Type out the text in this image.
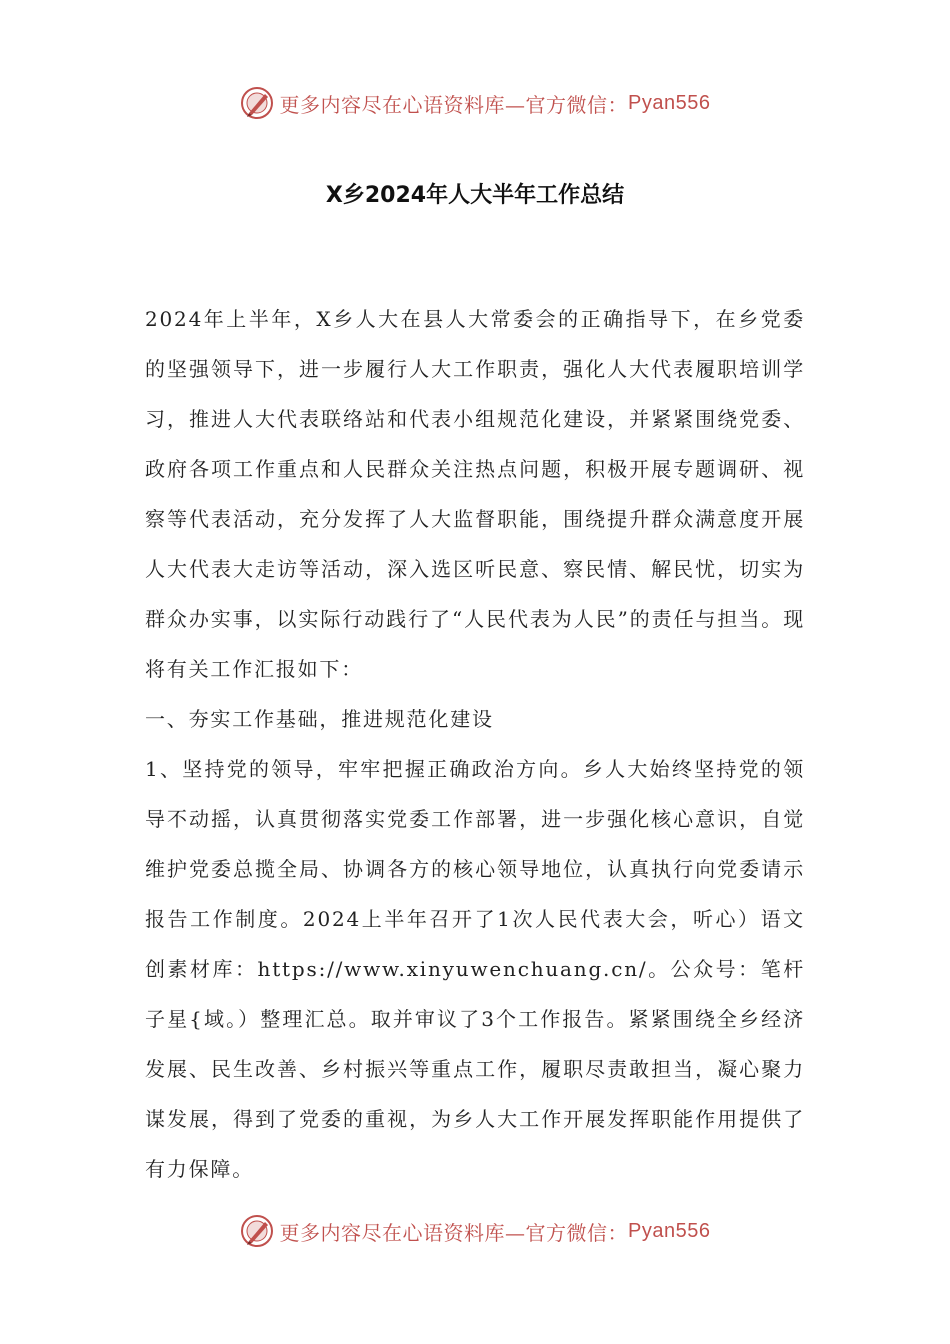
更多内容尽在心语资料库—官方微信： Pyan556
X乡2024年人大半年工作总结

2024年上半年，X乡人大在县人大常委会的正确指导下，在乡党委的坚强领导下，进一步履行人大工作职责，强化人大代表履职培训学习，推进人大代表联络站和代表小组规范化建设，并紧紧围绕党委、政府各项工作重点和人民群众关注热点问题，积极开展专题调研、视察等代表活动，充分发挥了人大监督职能，围绕提升群众满意度开展人大代表大走访等活动，深入选区听民意、察民情、解民忧，切实为群众办实事，以实际行动践行了“人民代表为人民”的责任与担当。现将有关工作汇报如下：

一、夯实工作基础，推进规范化建设

1、坚持党的领导，牢牢把握正确政治方向。乡人大始终坚持党的领导不动摇，认真贯彻落实党委工作部署，进一步强化核心意识，自觉维护党委总揽全局、协调各方的核心领导地位，认真执行向党委请示报告工作制度。2024上半年召开了1次人民代表大会，听心）语文创素材库：https://www.xinyuwenchuang.cn/。公众号：笔杆子星{域。）整理汇总。取并审议了3个工作报告。紧紧围绕全乡经济发展、民生改善、乡村振兴等重点工作，履职尽责敢担当，凝心聚力谋发展，得到了党委的重视，为乡人大工作开展发挥职能作用提供了有力保障。

更多内容尽在心语资料库—官方微信： Pyan556
